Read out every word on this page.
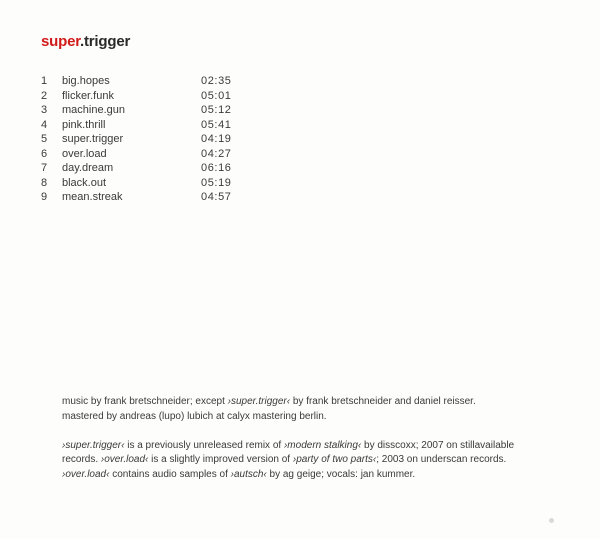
super.trigger
1	big.hopes	02:35
2	flicker.funk	05:01
3	machine.gun	05:12
4	pink.thrill	05:41
5	super.trigger	04:19
6	over.load	04:27
7	day.dream	06:16
8	black.out	05:19
9	mean.streak	04:57

music by frank bretschneider; except ›super.trigger‹ by frank bretschneider and daniel reisser.
mastered by andreas (lupo) lubich at calyx mastering berlin.

›super.trigger‹ is a previously unreleased remix of ›modern stalking‹ by disscoxx; 2007 on stillavailable
records. ›over.load‹ is a slightly improved version of ›party of two parts‹; 2003 on underscan records.
›over.load‹ contains audio samples of ›autsch‹ by ag geige; vocals: jan kummer.
